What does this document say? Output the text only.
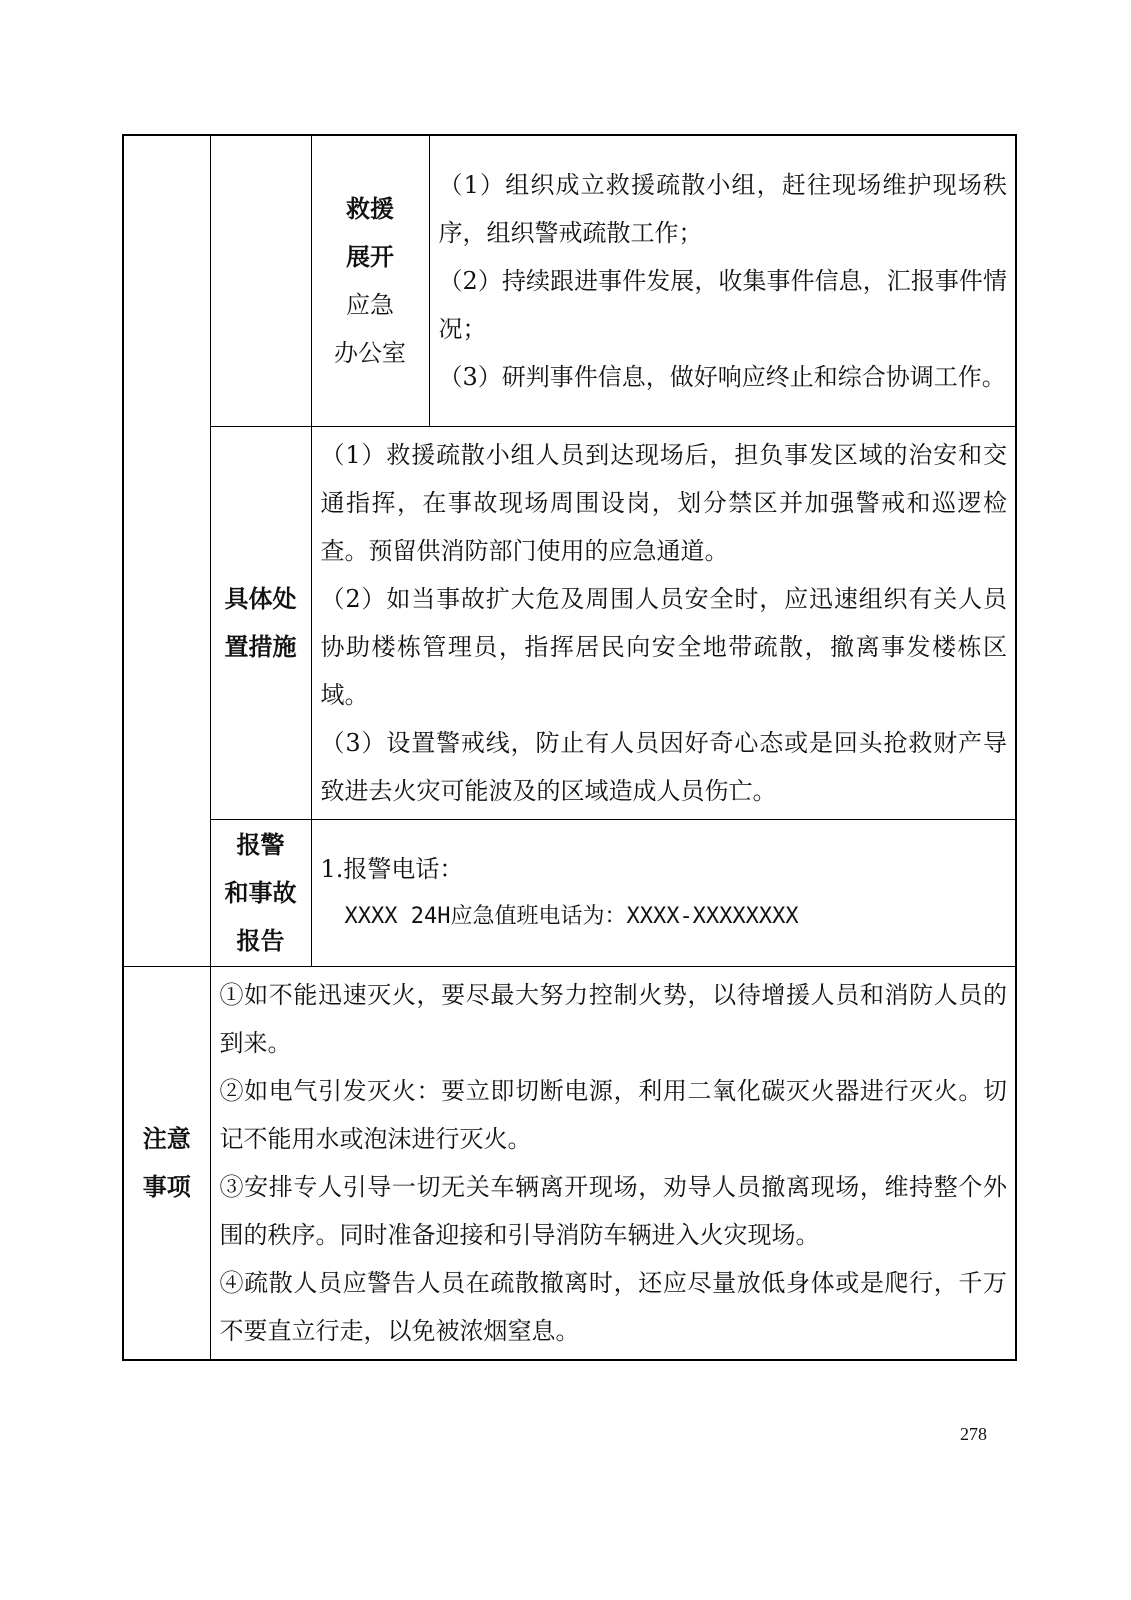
		救援
展开
应急
办公室	（1）组织成立救援疏散小组，赶往现场维护现场秩序，组织警戒疏散工作；
（2）持续跟进事件发展，收集事件信息，汇报事件情况；
（3）研判事件信息，做好响应终止和综合协调工作。

	具体处
置措施	（1）救援疏散小组人员到达现场后，担负事发区域的治安和交通指挥，在事故现场周围设岗，划分禁区并加强警戒和巡逻检查。预留供消防部门使用的应急通道。
（2）如当事故扩大危及周围人员安全时，应迅速组织有关人员协助楼栋管理员，指挥居民向安全地带疏散，撤离事发楼栋区域。
（3）设置警戒线，防止有人员因好奇心态或是回头抢救财产导致进去火灾可能波及的区域造成人员伤亡。	

	报警
和事故
报告	1.报警电话：
XXXX 24H应急值班电话为：XXXX-XXXXXXXX	

注意
事项	①如不能迅速灭火，要尽最大努力控制火势，以待增援人员和消防人员的到来。
②如电气引发灭火：要立即切断电源，利用二氧化碳灭火器进行灭火。切记不能用水或泡沫进行灭火。
③安排专人引导一切无关车辆离开现场，劝导人员撤离现场，维持整个外围的秩序。同时准备迎接和引导消防车辆进入火灾现场。
④疏散人员应警告人员在疏散撤离时，还应尽量放低身体或是爬行，千万不要直立行走，以免被浓烟窒息。		
278
